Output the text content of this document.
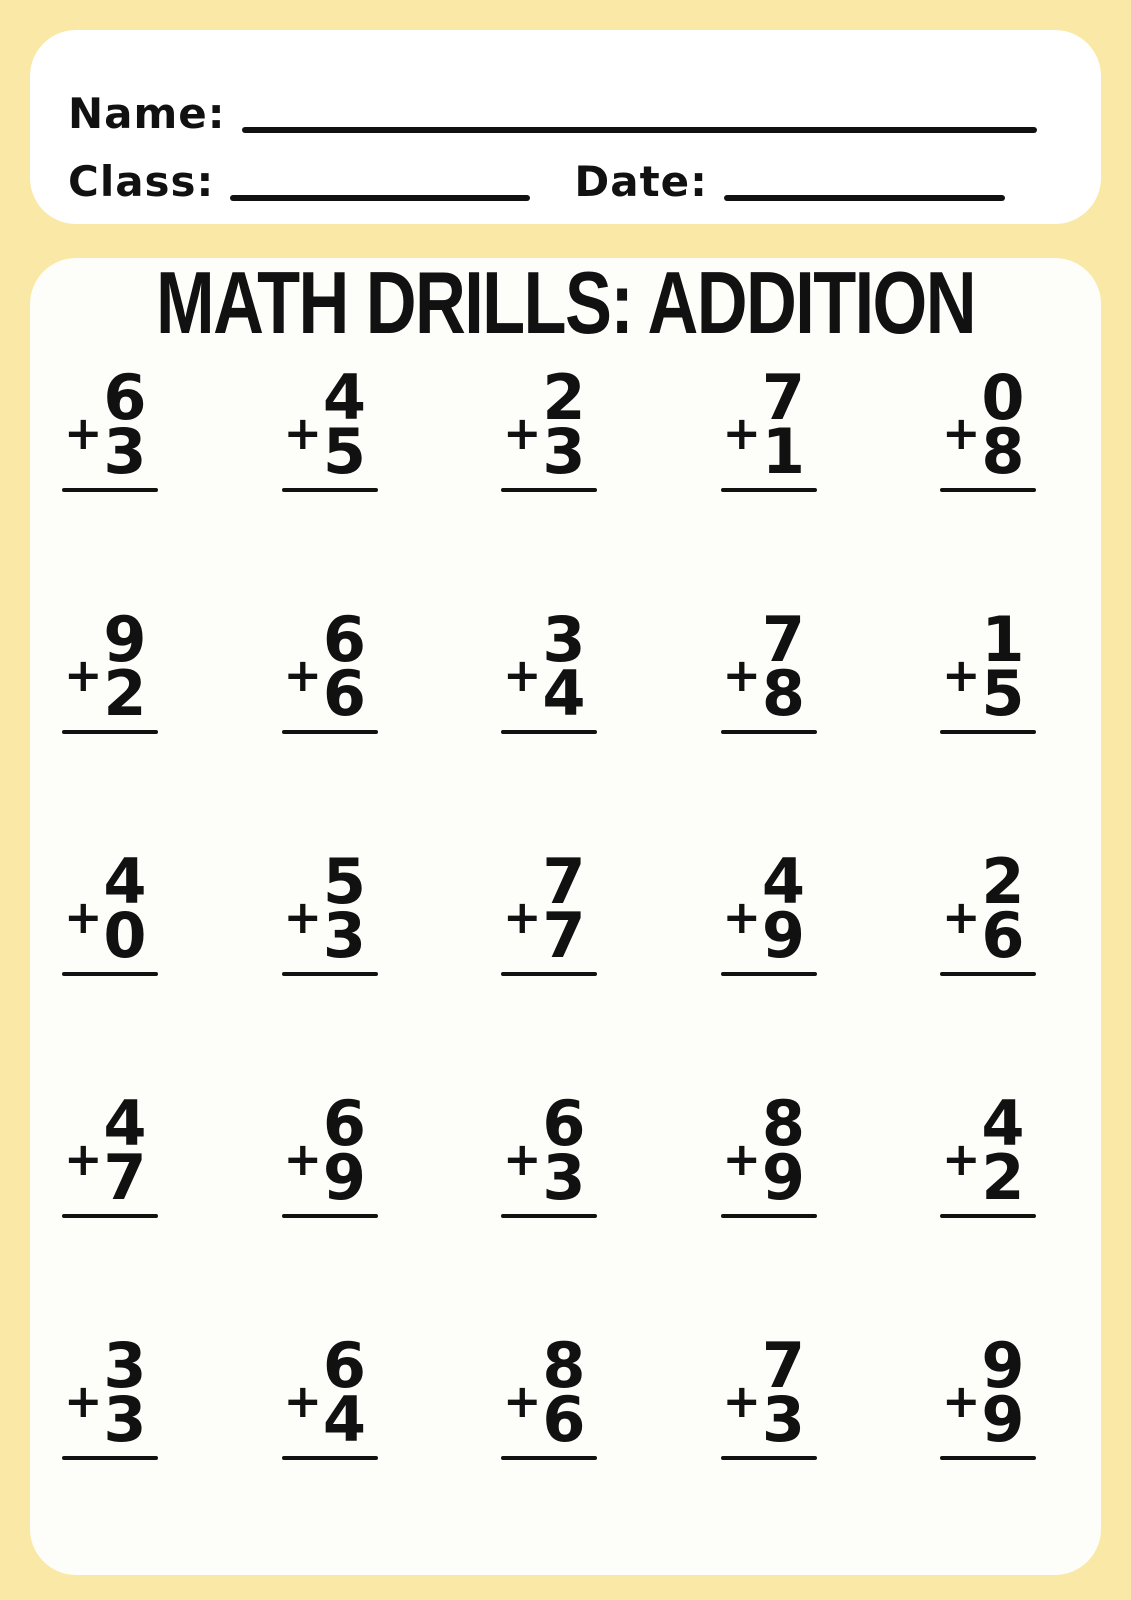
Name:
Class:	Date:
MATH DRILLS: ADDITION
6
+ 3
4
+ 5
2
+ 3
7
+ 1
0
+ 8
9
+ 2
6
+ 6
3
+ 4
7
+ 8
1
+ 5
4
+ 0
5
+ 3
7
+ 7
4
+ 9
2
+ 6
4
+ 7
6
+ 9
6
+ 3
8
+ 9
4
+ 2
3
+ 3
6
+ 4
8
+ 6
7
+ 3
9
+ 9
